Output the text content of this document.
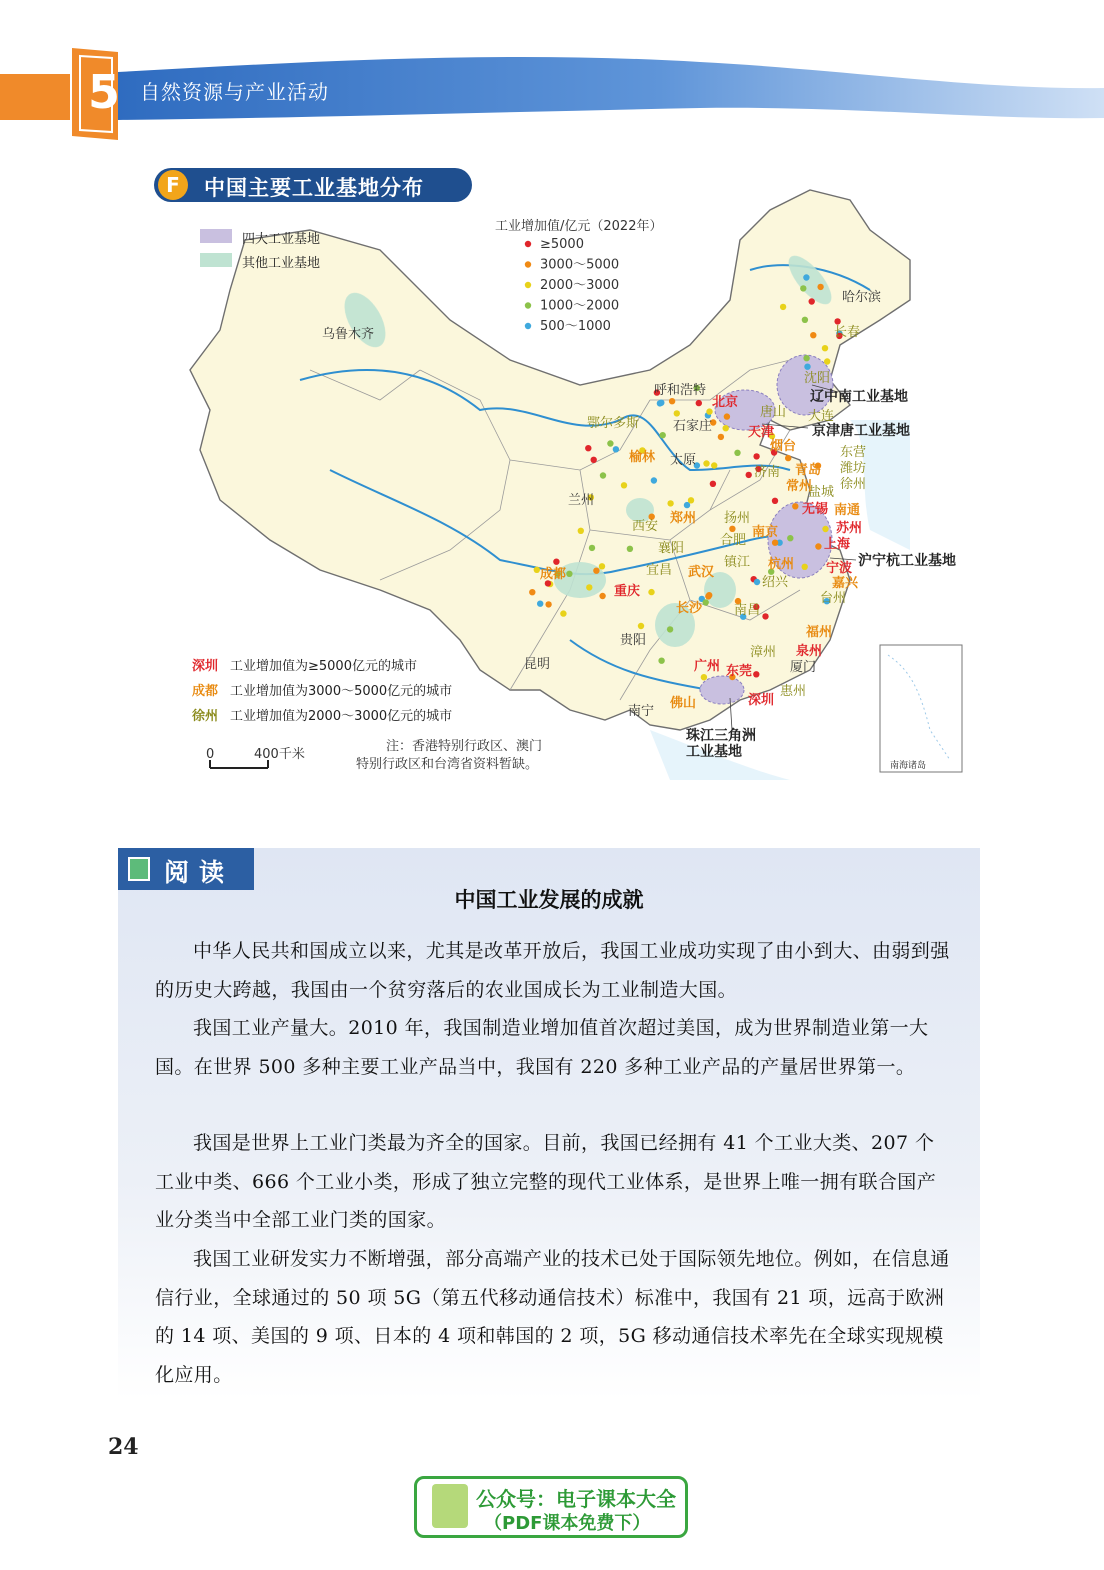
5	自然资源与产业活动
工业增加值/亿元（2022年）
≥5000
3000～5000
2000～3000
1000～2000
500～1000
乌鲁木齐
哈尔滨
长春
沈阳
大连
呼和浩特
北京
唐山
天津
石家庄
鄂尔多斯
榆林 太原
烟台	东营
潍坊
济南 青岛
徐州
兰州
盐城
常州
无锡 南通
苏州
扬州
南京
上海
郑州
西安
合肥
襄阳
镇江 杭州 宁波
嘉兴
成都	宜昌 武汉
绍兴
台州
重庆
长沙 南昌
贵阳
福州
漳州 泉州
厦门
昆明	广州 东莞
惠州
佛山	深圳
南宁
辽中南工业基地
京津唐工业基地
沪宁杭工业基地
珠江三角洲
工业基地
南海诸岛
注：香港特别行政区、澳门
特别行政区和台湾省资料暂缺。
0	400千米
F	中国主要工业基地分布
四大工业基地
其他工业基地
深圳 工业增加值为≥5000亿元的城市
成都 工业增加值为3000～5000亿元的城市
徐州 工业增加值为2000～3000亿元的城市
阅读
中国工业发展的成就

中华人民共和国成立以来，尤其是改革开放后，我国工业成功实现了由小到大、由弱到强的历史大跨越，我国由一个贫穷落后的农业国成长为工业制造大国。

我国工业产量大。2010 年，我国制造业增加值首次超过美国，成为世界制造业第一大国。在世界 500 多种主要工业产品当中，我国有 220 多种工业产品的产量居世界第一。

我国是世界上工业门类最为齐全的国家。目前，我国已经拥有 41 个工业大类、207 个工业中类、666 个工业小类，形成了独立完整的现代工业体系，是世界上唯一拥有联合国产业分类当中全部工业门类的国家。

我国工业研发实力不断增强，部分高端产业的技术已处于国际领先地位。例如，在信息通信行业，全球通过的 50 项 5G（第五代移动通信技术）标准中，我国有 21 项，远高于欧洲的 14 项、美国的 9 项、日本的 4 项和韩国的 2 项，5G 移动通信技术率先在全球实现规模化应用。

24
公众号：电子课本大全
（PDF课本免费下）
